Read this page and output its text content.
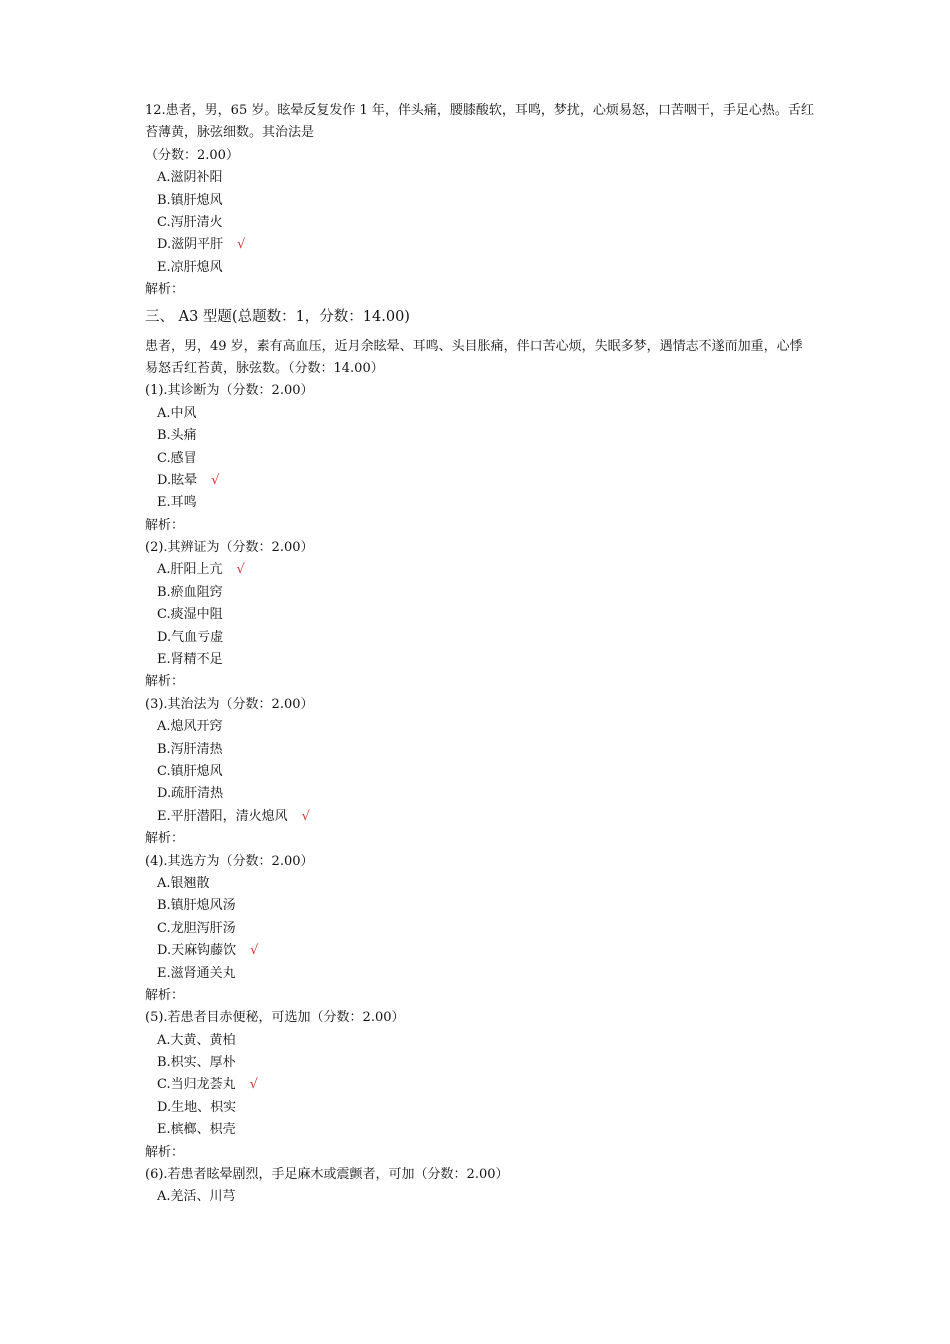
12.患者，男，65 岁。眩晕反复发作 1 年，伴头痛，腰膝酸软，耳鸣，梦扰，心烦易怒，口苦咽干，手足心热。舌红苔薄黄，脉弦细数。其治法是
（分数：2.00）
A.滋阴补阳
B.镇肝熄风
C.泻肝清火
D.滋阴平肝 √
E.凉肝熄风
解析：
三、 A3 型题(总题数：1，分数：14.00)
患者，男，49 岁，素有高血压，近月余眩晕、耳鸣、头目胀痛，伴口苦心烦，失眠多梦，遇情志不遂而加重，心悸易怒舌红苔黄，脉弦数。（分数：14.00）
(1).其诊断为（分数：2.00）
A.中风
B.头痛
C.感冒
D.眩晕 √
E.耳鸣
解析：
(2).其辨证为（分数：2.00）
A.肝阳上亢 √
B.瘀血阻窍
C.痰湿中阻
D.气血亏虚
E.肾精不足
解析：
(3).其治法为（分数：2.00）
A.熄风开窍
B.泻肝清热
C.镇肝熄风
D.疏肝清热
E.平肝潜阳，清火熄风 √
解析：
(4).其选方为（分数：2.00）
A.银翘散
B.镇肝熄风汤
C.龙胆泻肝汤
D.天麻钩藤饮 √
E.滋肾通关丸
解析：
(5).若患者目赤便秘，可选加（分数：2.00）
A.大黄、黄柏
B.枳实、厚朴
C.当归龙荟丸 √
D.生地、枳实
E.槟榔、枳壳
解析：
(6).若患者眩晕剧烈，手足麻木或震颤者，可加（分数：2.00）
A.羌活、川芎
